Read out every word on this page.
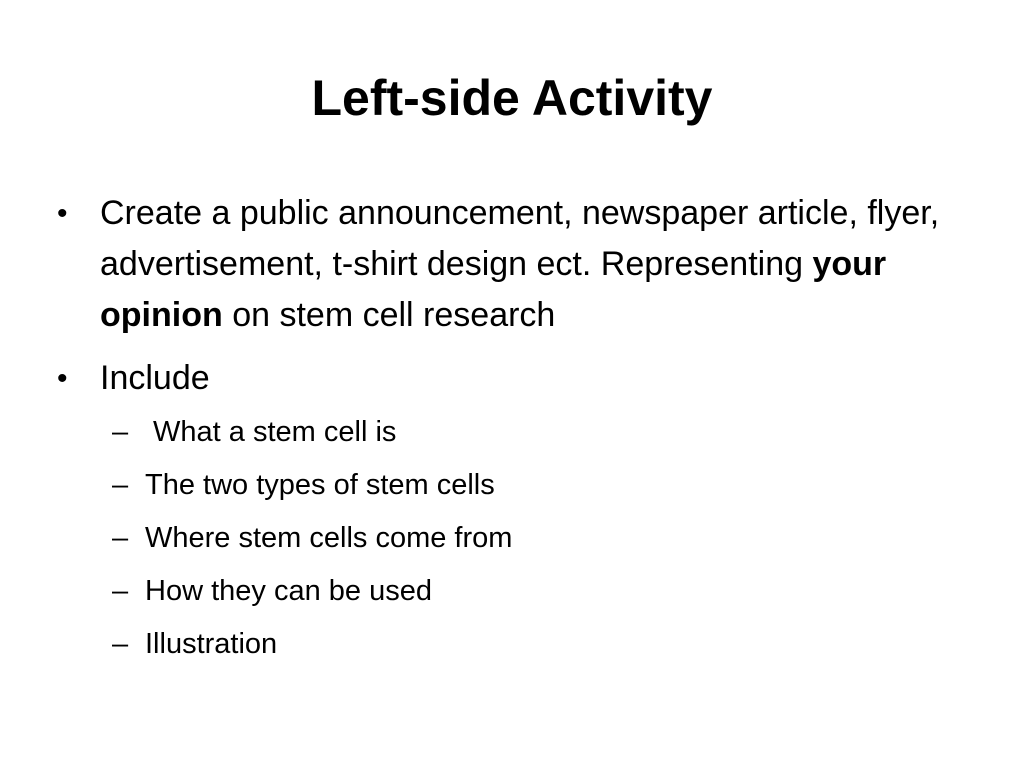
Left-side Activity
• Create a public announcement, newspaper article, flyer, advertisement, t-shirt design ect. Representing your opinion on stem cell research
• Include
– What a stem cell is
– The two types of stem cells
– Where stem cells come from
– How they can be used
– Illustration
